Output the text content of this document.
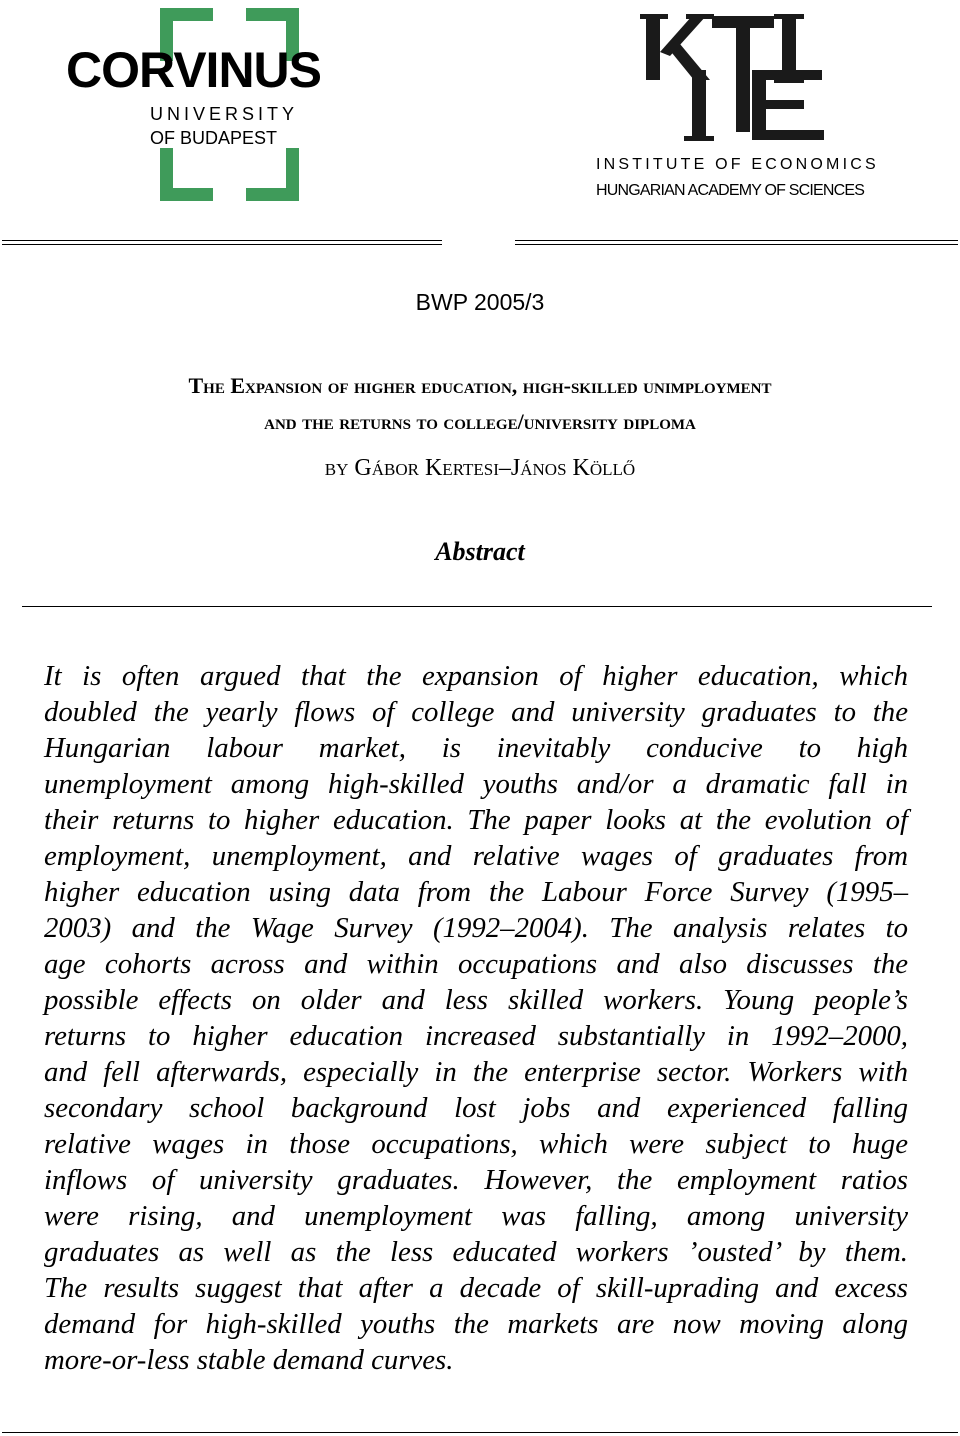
CORVINUS
UNIVERSITY
OF BUDAPEST
INSTITUTE OF ECONOMICS
HUNGARIAN ACADEMY OF SCIENCES
BWP 2005/3
The Expansion of higher education, high-skilled unimployment
and the returns to college/university diploma
by Gábor Kertesi–János Köllő
Abstract
It is often argued that the expansion of higher education, which
doubled the yearly flows of college and university graduates to the
Hungarian labour market, is inevitably conducive to high
unemployment among high-skilled youths and/or a dramatic fall in
their returns to higher education. The paper looks at the evolution of
employment, unemployment, and relative wages of graduates from
higher education using data from the Labour Force Survey (1995–
2003) and the Wage Survey (1992–2004). The analysis relates to
age cohorts across and within occupations and also discusses the
possible effects on older and less skilled workers. Young people’s
returns to higher education increased substantially in 1992–2000,
and fell afterwards, especially in the enterprise sector. Workers with
secondary school background lost jobs and experienced falling
relative wages in those occupations, which were subject to huge
inflows of university graduates. However, the employment ratios
were rising, and unemployment was falling, among university
graduates as well as the less educated workers ’ousted’ by them.
The results suggest that after a decade of skill-uprading and excess
demand for high-skilled youths the markets are now moving along
more-or-less stable demand curves.
